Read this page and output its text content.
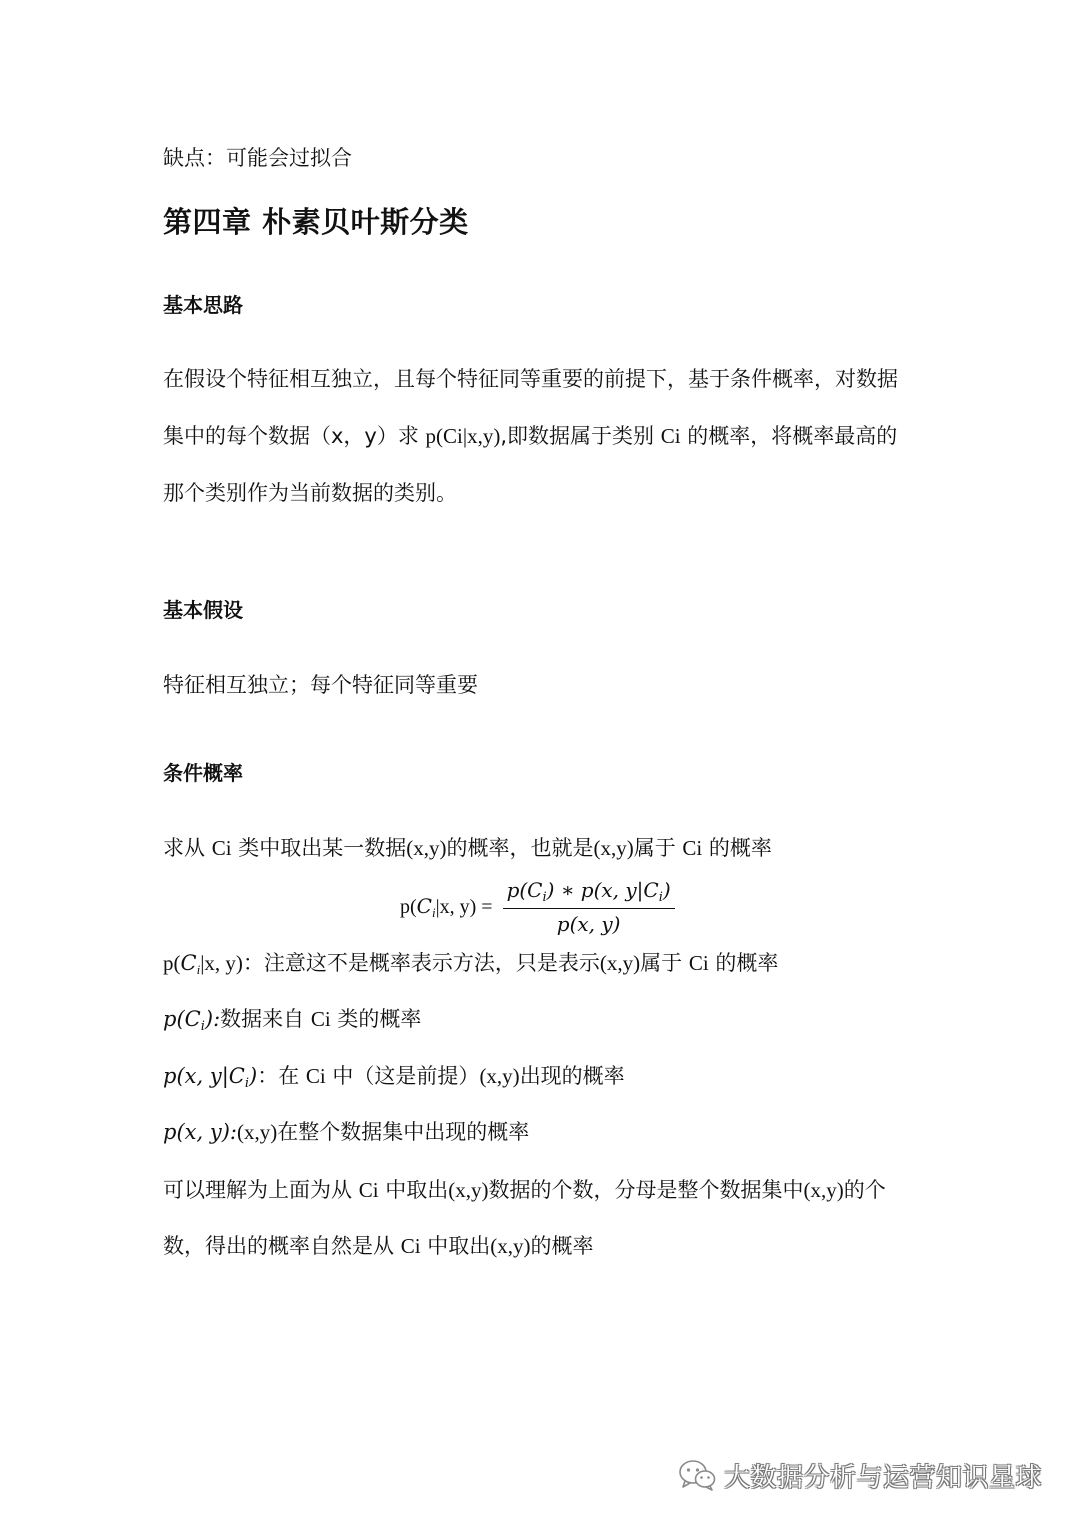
缺点：可能会过拟合
第四章 朴素贝叶斯分类
基本思路
在假设个特征相互独立，且每个特征同等重要的前提下，基于条件概率，对数据
集中的每个数据（x，y）求 p(Ci|x,y),即数据属于类别 Ci 的概率，将概率最高的
那个类别作为当前数据的类别。
基本假设
特征相互独立；每个特征同等重要
条件概率
求从 Ci 类中取出某一数据(x,y)的概率，也就是(x,y)属于 Ci 的概率
$p(C_i|x$, $y) = \frac{p(C_i) ∗ p(x, y|C_i)}{p(x, y)}$
$p(C_i|x$, y)：注意这不是概率表示方法，只是表示(x,y)属于 Ci 的概率
$p(C_i)$:数据来自 Ci 类的概率
p(x, $y|C_i$)：在 Ci 中（这是前提）(x,y)出现的概率
p(x, y):(x,y)在整个数据集中出现的概率
可以理解为上面为从 Ci 中取出(x,y)数据的个数，分母是整个数据集中(x,y)的个
数，得出的概率自然是从 Ci 中取出(x,y)的概率
大数据分析与运营知识星球
